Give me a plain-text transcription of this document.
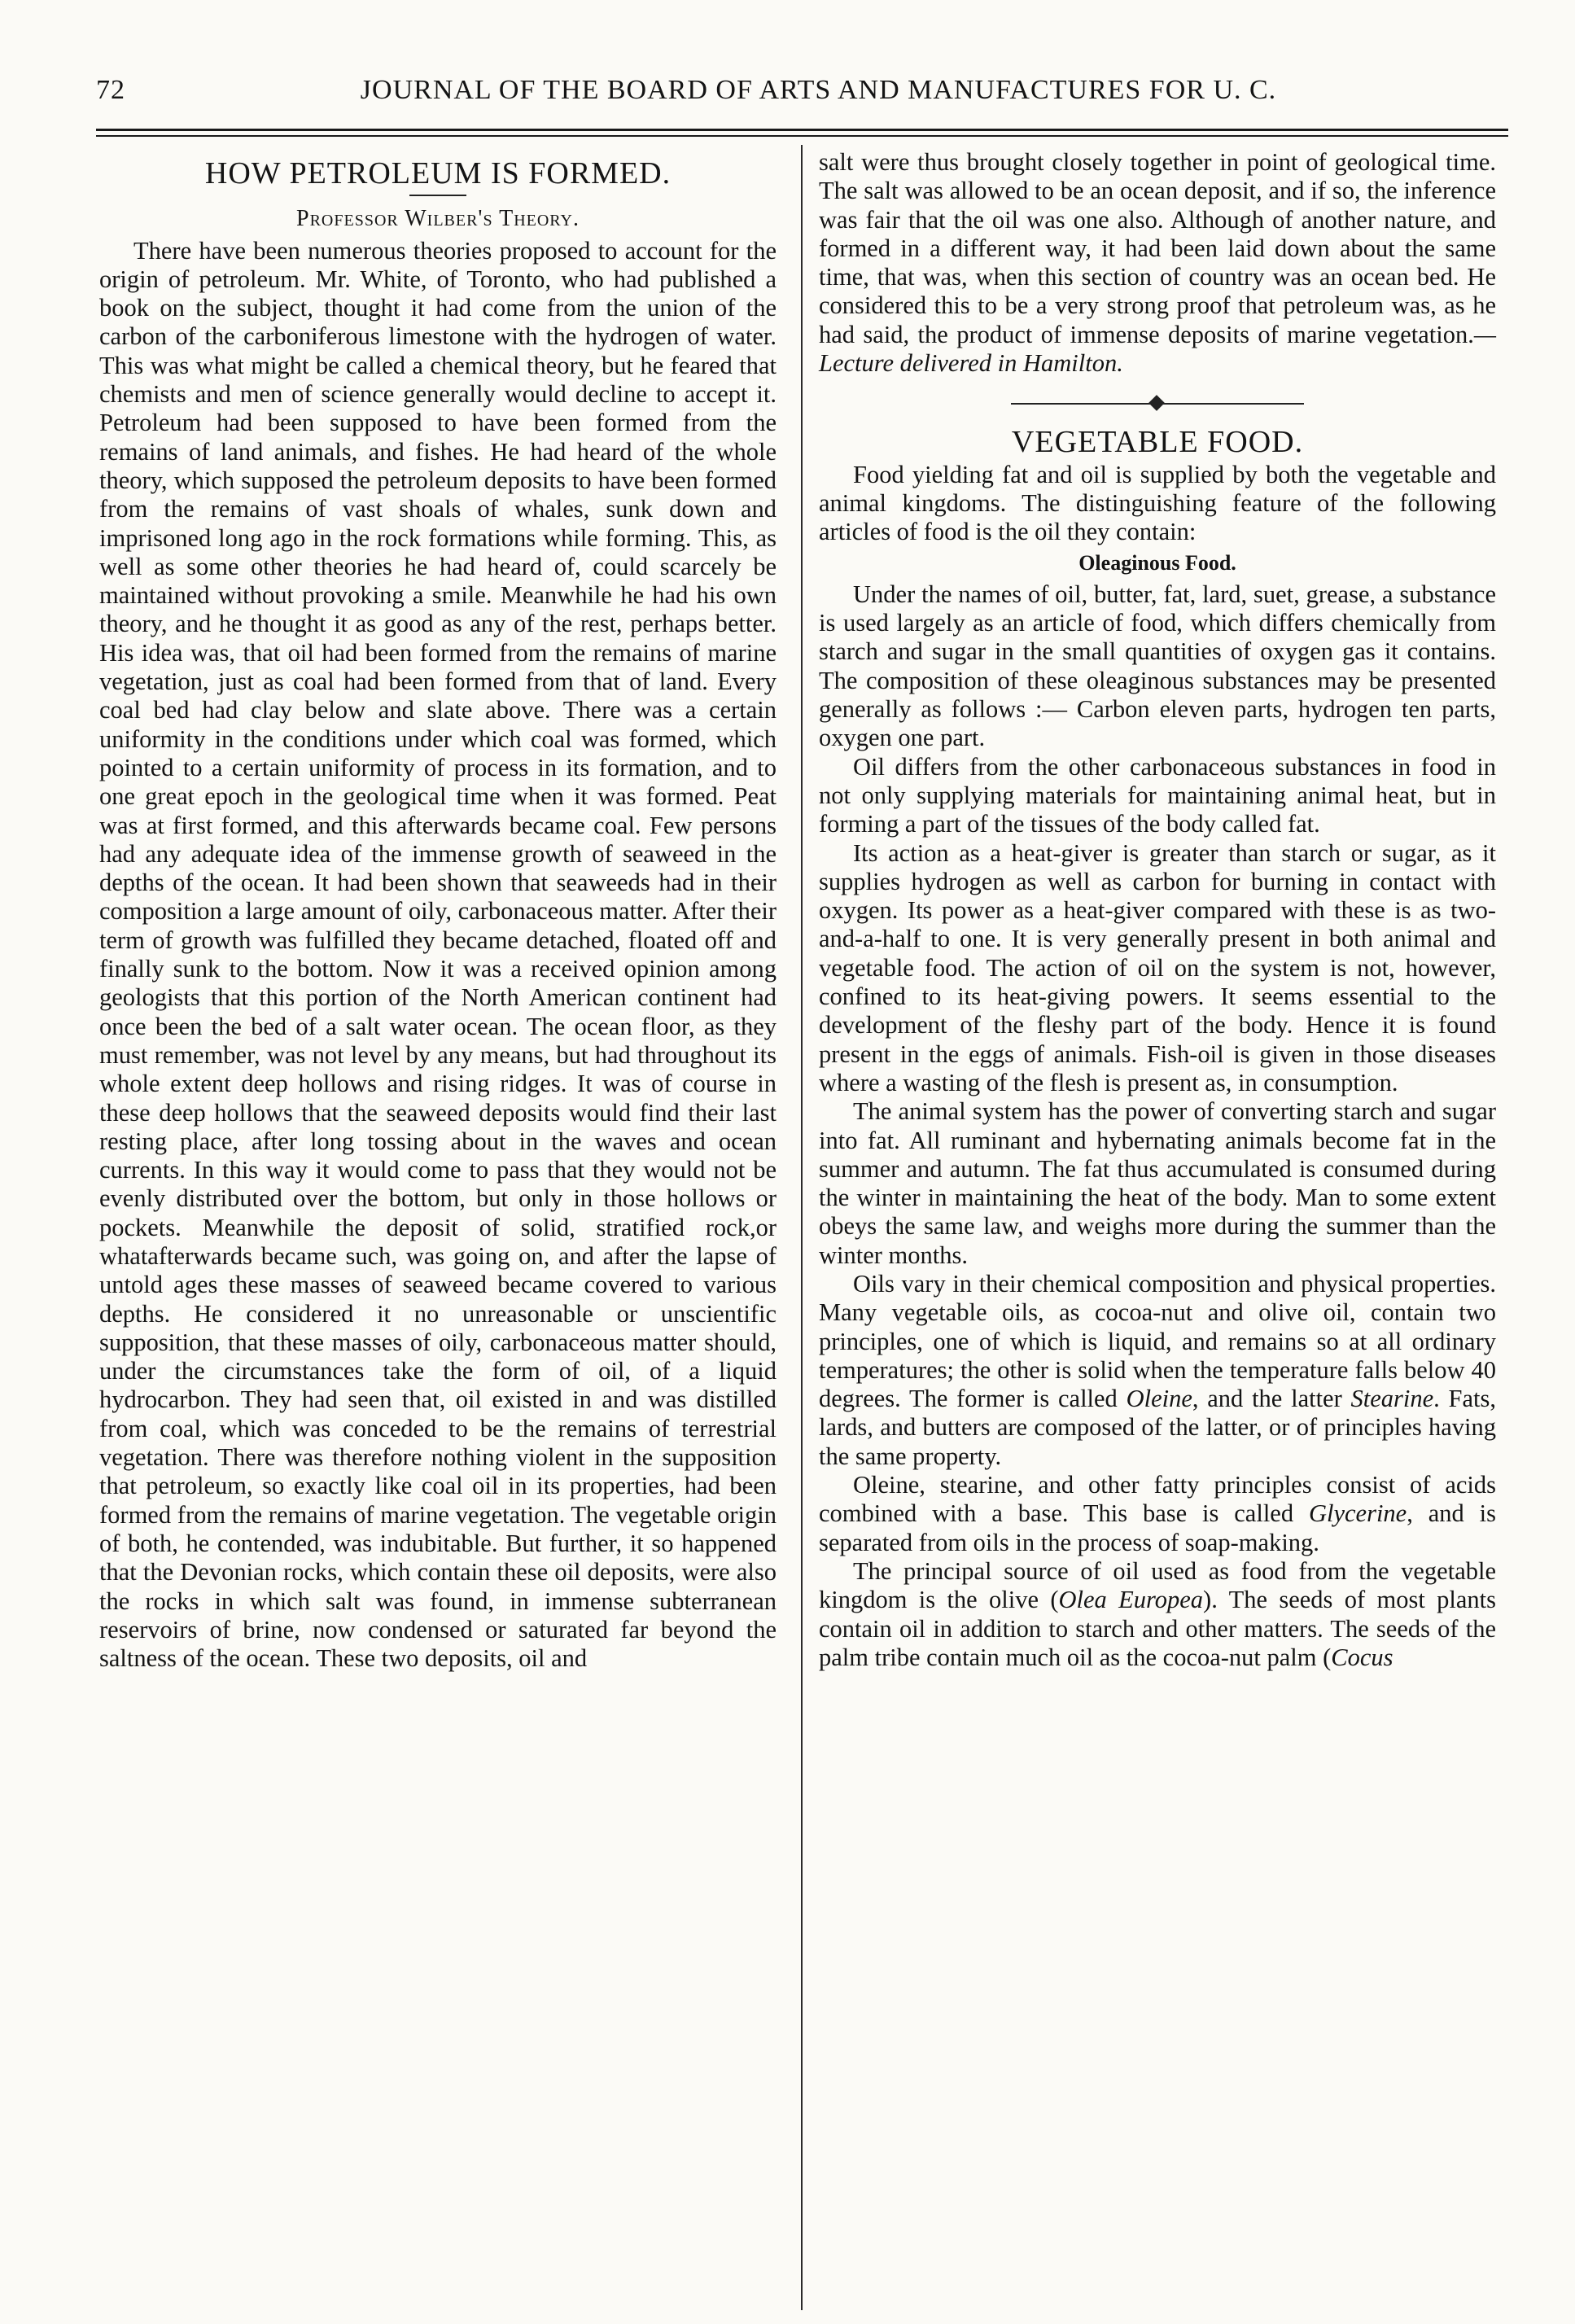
72	JOURNAL OF THE BOARD OF ARTS AND MANUFACTURES FOR U. C.
HOW PETROLEUM IS FORMED.
Professor Wilber's Theory.

There have been numerous theories proposed to account for the origin of petroleum. Mr. White, of Toronto, who had published a book on the subject, thought it had come from the union of the carbon of the carboniferous limestone with the hydrogen of water. This was what might be called a chemical theory, but he feared that chemists and men of science generally would decline to accept it. Petroleum had been supposed to have been formed from the remains of land animals, and fishes. He had heard of the whole theory, which supposed the petroleum deposits to have been formed from the remains of vast shoals of whales, sunk down and imprisoned long ago in the rock formations while forming. This, as well as some other theories he had heard of, could scarcely be maintained without provoking a smile. Meanwhile he had his own theory, and he thought it as good as any of the rest, perhaps better. His idea was, that oil had been formed from the remains of marine vegetation, just as coal had been formed from that of land. Every coal bed had clay below and slate above. There was a certain uniformity in the conditions under which coal was formed, which pointed to a certain uniformity of process in its formation, and to one great epoch in the geological time when it was formed. Peat was at first formed, and this afterwards became coal. Few persons had any adequate idea of the immense growth of seaweed in the depths of the ocean. It had been shown that seaweeds had in their composition a large amount of oily, carbonaceous matter. After their term of growth was fulfilled they became detached, floated off and finally sunk to the bottom. Now it was a received opinion among geologists that this portion of the North American continent had once been the bed of a salt water ocean. The ocean floor, as they must remember, was not level by any means, but had throughout its whole extent deep hollows and rising ridges. It was of course in these deep hollows that the seaweed deposits would find their last resting place, after long tossing about in the waves and ocean currents. In this way it would come to pass that they would not be evenly distributed over the bottom, but only in those hollows or pockets. Meanwhile the deposit of solid, stratified rock,or whatafterwards became such, was going on, and after the lapse of untold ages these masses of seaweed became covered to various depths. He considered it no unreasonable or unscientific supposition, that these masses of oily, carbonaceous matter should, under the circumstances take the form of oil, of a liquid hydrocarbon. They had seen that, oil existed in and was distilled from coal, which was conceded to be the remains of terrestrial vegetation. There was therefore nothing violent in the supposition that petroleum, so exactly like coal oil in its properties, had been formed from the remains of marine vegetation. The vegetable origin of both, he contended, was indubitable. But further, it so happened that the Devonian rocks, which contain these oil deposits, were also the rocks in which salt was found, in immense subterranean reservoirs of brine, now condensed or saturated far beyond the saltness of the ocean. These two deposits, oil and

salt were thus brought closely together in point of geological time. The salt was allowed to be an ocean deposit, and if so, the inference was fair that the oil was one also. Although of another nature, and formed in a different way, it had been laid down about the same time, that was, when this section of country was an ocean bed. He considered this to be a very strong proof that petroleum was, as he had said, the product of immense deposits of marine vegetation.—Lecture delivered in Hamilton.

VEGETABLE FOOD.

Food yielding fat and oil is supplied by both the vegetable and animal kingdoms. The distinguishing feature of the following articles of food is the oil they contain:

Oleaginous Food.

Under the names of oil, butter, fat, lard, suet, grease, a substance is used largely as an article of food, which differs chemically from starch and sugar in the small quantities of oxygen gas it contains. The composition of these oleaginous substances may be presented generally as follows :— Carbon eleven parts, hydrogen ten parts, oxygen one part.

Oil differs from the other carbonaceous substances in food in not only supplying materials for maintaining animal heat, but in forming a part of the tissues of the body called fat.

Its action as a heat-giver is greater than starch or sugar, as it supplies hydrogen as well as carbon for burning in contact with oxygen. Its power as a heat-giver compared with these is as two-and-a-half to one. It is very generally present in both animal and vegetable food. The action of oil on the system is not, however, confined to its heat-giving powers. It seems essential to the development of the fleshy part of the body. Hence it is found present in the eggs of animals. Fish-oil is given in those diseases where a wasting of the flesh is present as, in consumption.

The animal system has the power of converting starch and sugar into fat. All ruminant and hybernating animals become fat in the summer and autumn. The fat thus accumulated is consumed during the winter in maintaining the heat of the body. Man to some extent obeys the same law, and weighs more during the summer than the winter months.

Oils vary in their chemical composition and physical properties. Many vegetable oils, as cocoa-nut and olive oil, contain two principles, one of which is liquid, and remains so at all ordinary temperatures; the other is solid when the temperature falls below 40 degrees. The former is called Oleine, and the latter Stearine. Fats, lards, and butters are composed of the latter, or of principles having the same property.

Oleine, stearine, and other fatty principles consist of acids combined with a base. This base is called Glycerine, and is separated from oils in the process of soap-making.

The principal source of oil used as food from the vegetable kingdom is the olive (Olea Europea). The seeds of most plants contain oil in addition to starch and other matters. The seeds of the palm tribe contain much oil as the cocoa-nut palm (Cocus
